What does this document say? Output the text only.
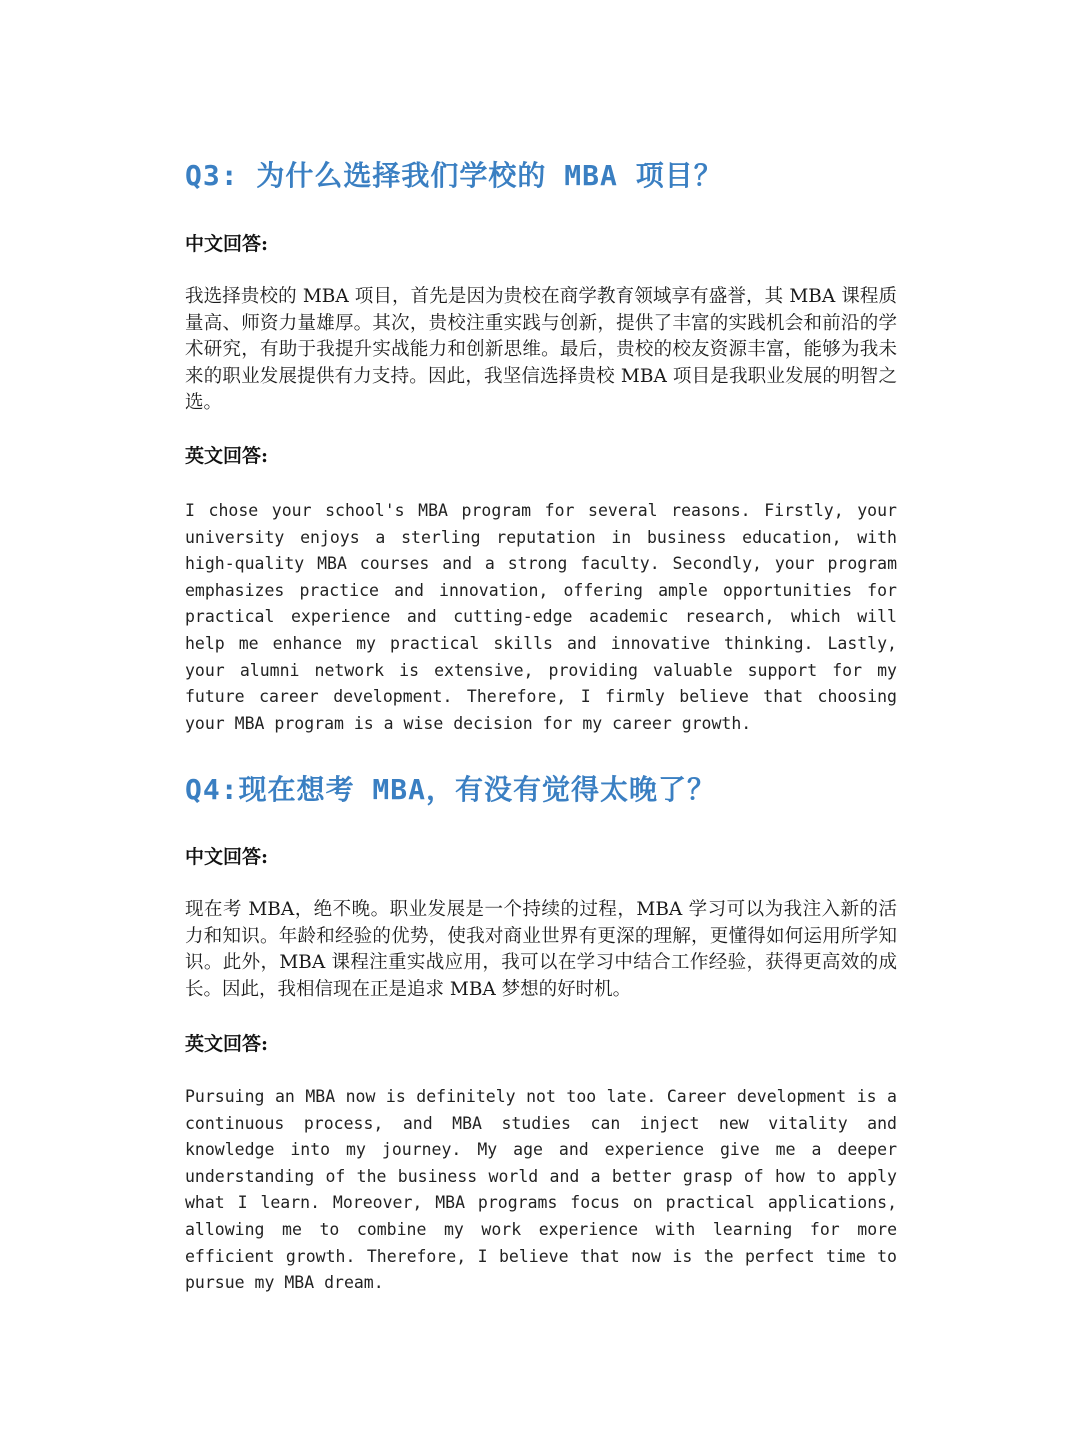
Q3: 为什么选择我们学校的 MBA 项目？
中文回答:

我选择贵校的 MBA 项目，首先是因为贵校在商学教育领域享有盛誉，其 MBA 课程质量高、师资力量雄厚。其次，贵校注重实践与创新，提供了丰富的实践机会和前沿的学术研究，有助于我提升实战能力和创新思维。最后，贵校的校友资源丰富，能够为我未来的职业发展提供有力支持。因此，我坚信选择贵校 MBA 项目是我职业发展的明智之选。

英文回答:

I chose your school's MBA program for several reasons. Firstly, your university enjoys a sterling reputation in business education, with high-quality MBA courses and a strong faculty. Secondly, your program emphasizes practice and innovation, offering ample opportunities for practical experience and cutting-edge academic research, which will help me enhance my practical skills and innovative thinking. Lastly, your alumni network is extensive, providing valuable support for my future career development. Therefore, I firmly believe that choosing your MBA program is a wise decision for my career growth.

Q4:现在想考 MBA，有没有觉得太晚了？
中文回答:

现在考 MBA，绝不晚。职业发展是一个持续的过程，MBA 学习可以为我注入新的活力和知识。年龄和经验的优势，使我对商业世界有更深的理解，更懂得如何运用所学知识。此外，MBA 课程注重实战应用，我可以在学习中结合工作经验，获得更高效的成长。因此，我相信现在正是追求 MBA 梦想的好时机。

英文回答:

Pursuing an MBA now is definitely not too late. Career development is a continuous process, and MBA studies can inject new vitality and knowledge into my journey. My age and experience give me a deeper understanding of the business world and a better grasp of how to apply what I learn. Moreover, MBA programs focus on practical applications, allowing me to combine my work experience with learning for more efficient growth. Therefore, I believe that now is the perfect time to pursue my MBA dream.
